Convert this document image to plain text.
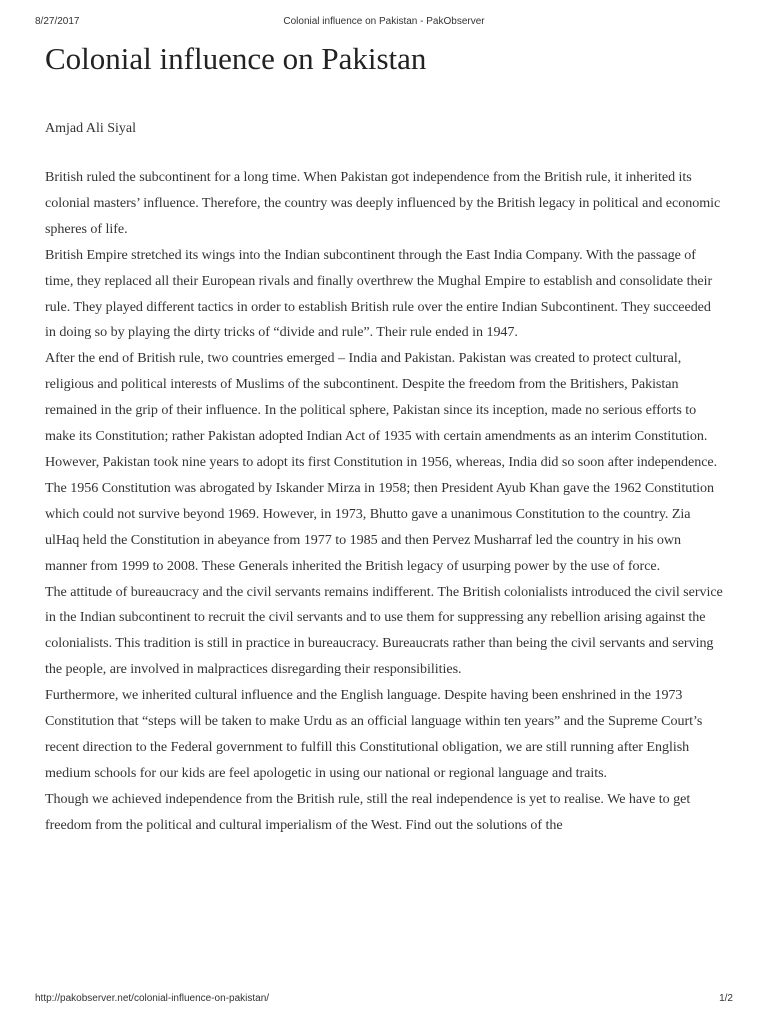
8/27/2017	Colonial influence on Pakistan - PakObserver
Colonial influence on Pakistan
Amjad Ali Siyal

British ruled the subcontinent for a long time. When Pakistan got independence from the British rule, it inherited its colonial masters’ influence. Therefore, the country was deeply influenced by the British legacy in political and economic spheres of life.

British Empire stretched its wings into the Indian subcontinent through the East India Company. With the passage of time, they replaced all their European rivals and finally overthrew the Mughal Empire to establish and consolidate their rule. They played different tactics in order to establish British rule over the entire Indian Subcontinent. They succeeded in doing so by playing the dirty tricks of “divide and rule”. Their rule ended in 1947.

After the end of British rule, two countries emerged – India and Pakistan. Pakistan was created to protect cultural, religious and political interests of Muslims of the subcontinent. Despite the freedom from the Britishers, Pakistan remained in the grip of their influence. In the political sphere, Pakistan since its inception, made no serious efforts to make its Constitution; rather Pakistan adopted Indian Act of 1935 with certain amendments as an interim Constitution. However, Pakistan took nine years to adopt its first Constitution in 1956, whereas, India did so soon after independence.

The 1956 Constitution was abrogated by Iskander Mirza in 1958; then President Ayub Khan gave the 1962 Constitution which could not survive beyond 1969. However, in 1973, Bhutto gave a unanimous Constitution to the country. Zia ulHaq held the Constitution in abeyance from 1977 to 1985 and then Pervez Musharraf led the country in his own manner from 1999 to 2008. These Generals inherited the British legacy of usurping power by the use of force.

The attitude of bureaucracy and the civil servants remains indifferent. The British colonialists introduced the civil service in the Indian subcontinent to recruit the civil servants and to use them for suppressing any rebellion arising against the colonialists. This tradition is still in practice in bureaucracy. Bureaucrats rather than being the civil servants and serving the people, are involved in malpractices disregarding their responsibilities.

Furthermore, we inherited cultural influence and the English language. Despite having been enshrined in the 1973 Constitution that “steps will be taken to make Urdu as an official language within ten years” and the Supreme Court’s recent direction to the Federal government to fulfill this Constitutional obligation, we are still running after English medium schools for our kids are feel apologetic in using our national or regional language and traits.

Though we achieved independence from the British rule, still the real independence is yet to realise. We have to get freedom from the political and cultural imperialism of the West. Find out the solutions of the

http://pakobserver.net/colonial-influence-on-pakistan/	1/2
